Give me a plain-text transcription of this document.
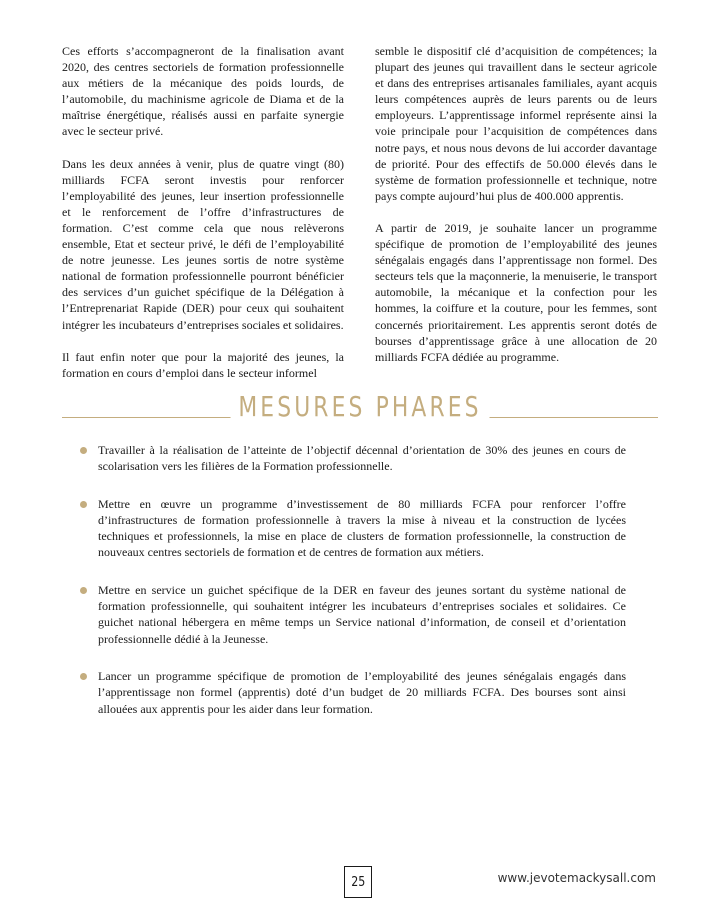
Ces efforts s’accompagneront de la finalisation avant 2020, des centres sectoriels de formation professionnelle aux métiers de la mécanique des poids lourds, de l’automobile, du machinisme agricole de Diama et de la maîtrise énergétique, réalisés aussi en parfaite synergie avec le secteur privé.

Dans les deux années à venir, plus de quatre vingt (80) milliards FCFA seront investis pour renforcer l’employabilité des jeunes, leur insertion professionnelle et le renforcement de l’offre d’infrastructures de formation. C’est comme cela que nous relèverons ensemble, Etat et secteur privé, le défi de l’employabilité de notre jeunesse. Les jeunes sortis de notre système national de formation professionnelle pourront bénéficier des services d’un guichet spécifique de la Délégation à l’Entreprenariat Rapide (DER) pour ceux qui souhaitent intégrer les incubateurs d’entreprises sociales et solidaires.

Il faut enfin noter que pour la majorité des jeunes, la formation en cours d’emploi dans le secteur informel

semble le dispositif clé d’acquisition de compétences; la plupart des jeunes qui travaillent dans le secteur agricole et dans des entreprises artisanales familiales, ayant acquis leurs compétences auprès de leurs parents ou de leurs employeurs. L’apprentissage informel représente ainsi la voie principale pour l’acquisition de compétences dans notre pays, et nous nous devons de lui accorder davantage de priorité. Pour des effectifs de 50.000 élevés dans le système de formation professionnelle et technique, notre pays compte aujourd’hui plus de 400.000 apprentis.

A partir de 2019, je souhaite lancer un programme spécifique de promotion de l’employabilité des jeunes sénégalais engagés dans l’apprentissage non formel. Des secteurs tels que la maçonnerie, la menuiserie, le transport automobile, la mécanique et la confection pour les hommes, la coiffure et la couture, pour les femmes, sont concernés prioritairement. Les apprentis seront dotés de bourses d’apprentissage grâce à une allocation de 20 milliards FCFA dédiée au programme.

MESURES PHARES
Travailler à la réalisation de l’atteinte de l’objectif décennal d’orientation de 30% des jeunes en cours de scolarisation vers les filières de la Formation professionnelle.
Mettre en œuvre un programme d’investissement de 80 milliards FCFA pour renforcer l’offre d’infrastructures de formation professionnelle à travers la mise à niveau et la construction de lycées techniques et professionnels, la mise en place de clusters de formation professionnelle, la construction de nouveaux centres sectoriels de formation et de centres de formation aux métiers.
Mettre en service un guichet spécifique de la DER en faveur des jeunes sortant du système national de formation professionnelle, qui souhaitent intégrer les incubateurs d’entreprises sociales et solidaires. Ce guichet national hébergera en même temps un Service national d’information, de conseil et d’orientation professionnelle dédié à la Jeunesse.
Lancer un programme spécifique de promotion de l’employabilité des jeunes sénégalais engagés dans l’apprentissage non formel (apprentis) doté d’un budget de 20 milliards FCFA. Des bourses sont ainsi allouées aux apprentis pour les aider dans leur formation.
25	www.jevotemackysall.com
